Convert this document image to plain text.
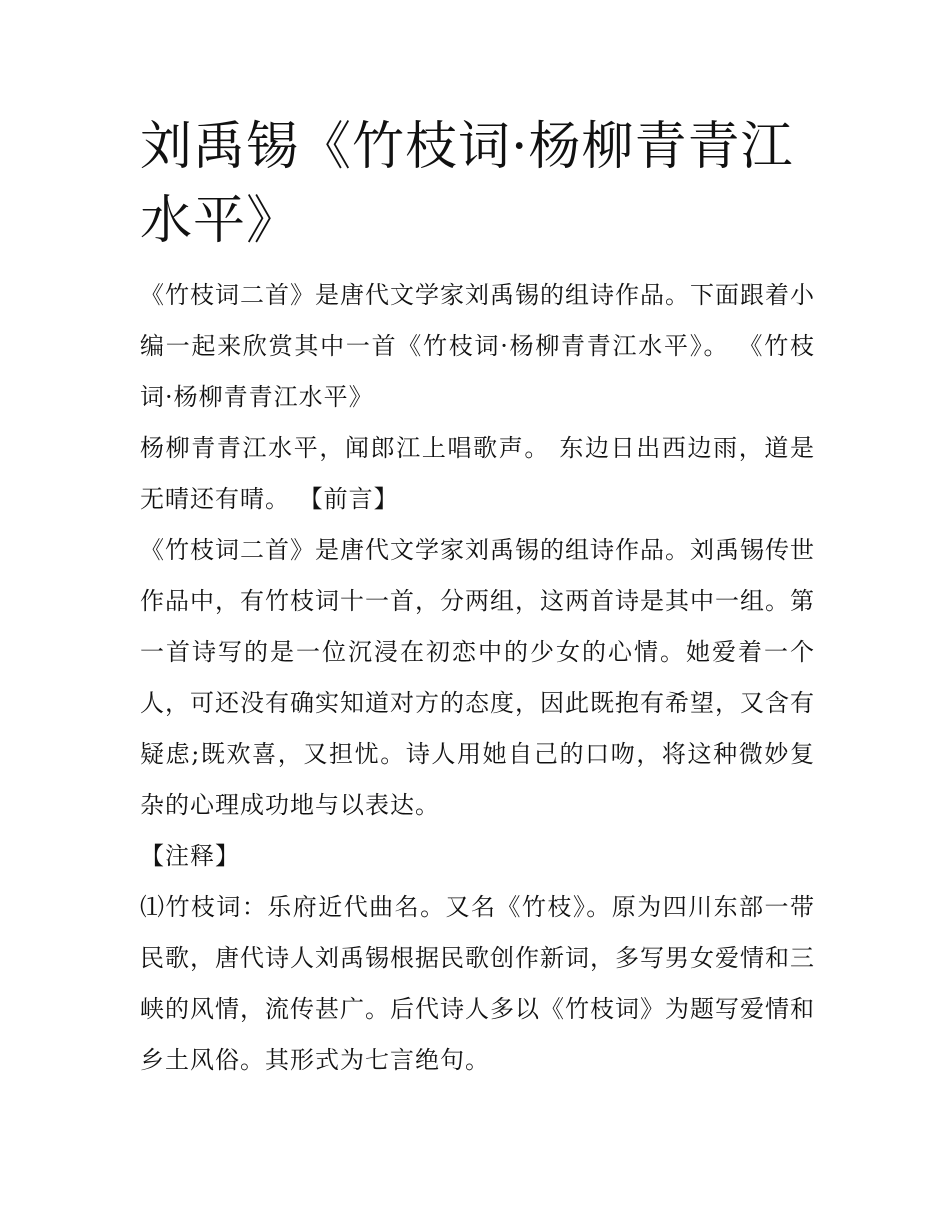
刘禹锡《竹枝词·杨柳青青江水平》

《竹枝词二首》是唐代文学家刘禹锡的组诗作品。下面跟着小编一起来欣赏其中一首《竹枝词·杨柳青青江水平》。 《竹枝词·杨柳青青江水平》

杨柳青青江水平，闻郎江上唱歌声。 东边日出西边雨，道是无晴还有晴。 【前言】

《竹枝词二首》是唐代文学家刘禹锡的组诗作品。刘禹锡传世作品中，有竹枝词十一首，分两组，这两首诗是其中一组。第一首诗写的是一位沉浸在初恋中的少女的心情。她爱着一个人，可还没有确实知道对方的态度，因此既抱有希望，又含有疑虑;既欢喜，又担忧。诗人用她自己的口吻，将这种微妙复杂的心理成功地与以表达。

【注释】

⑴竹枝词：乐府近代曲名。又名《竹枝》。原为四川东部一带民歌，唐代诗人刘禹锡根据民歌创作新词，多写男女爱情和三峡的风情，流传甚广。后代诗人多以《竹枝词》为题写爱情和乡土风俗。其形式为七言绝句。
